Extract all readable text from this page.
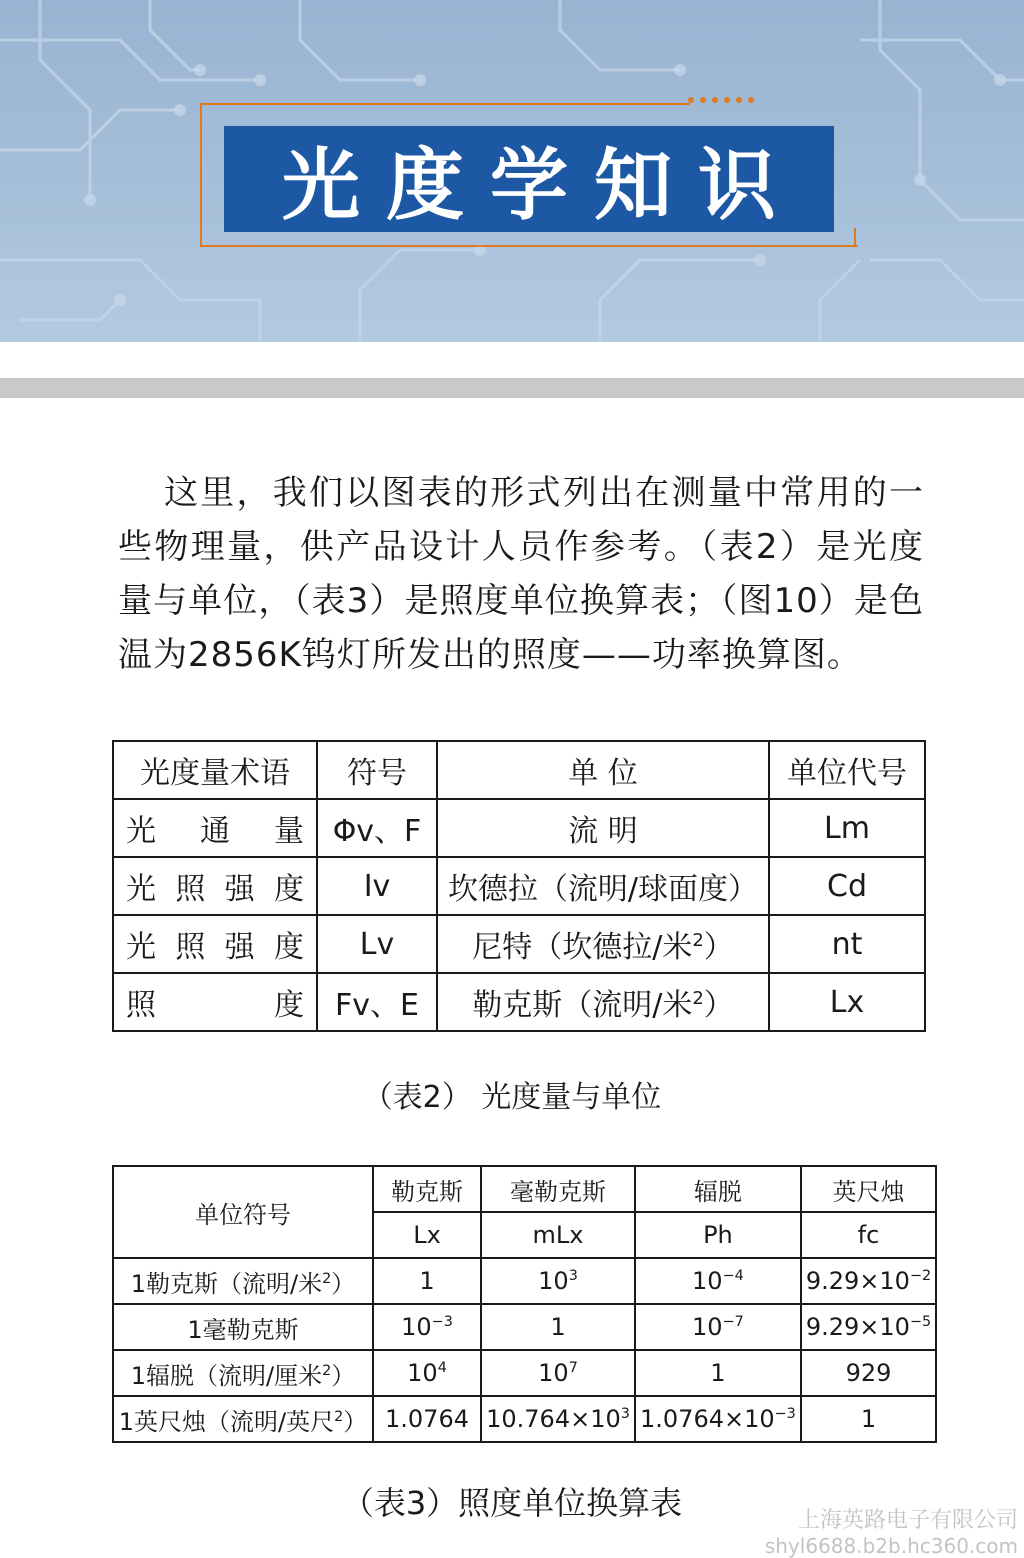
光度学知识

这里，我们以图表的形式列出在测量中常用的一些物理量，供产品设计人员作参考。（表2）是光度量与单位，（表3）是照度单位换算表；（图10）是色温为2856K钨灯所发出的照度——功率换算图。

光度量术语	符号	单 位	单位代号
光通量	Φv、F	流 明	Lm
光照强度	Iv	坎德拉（流明/球面度）	Cd
光照强度	Lv	尼特（坎德拉/米$^2$）	nt
照度	Fv、E	勒克斯（流明/米$^2$）	Lx
（表2） 光度量与单位
单位符号	勒克斯	毫勒克斯	辐脱	英尺烛
	Lx	mLx	Ph	fc
1勒克斯（流明/米$^2$）	1	$10^3$	$10^{-4}$	$9.29\times 10^{-2}$
1毫勒克斯	$10^{-3}$	1	$10^{-7}$	$9.29\times 10^{-5}$
1辐脱（流明/厘米$^2$）	$10^4$	$10^7$	1	929
1英尺烛（流明/英尺$^2$）	1.0764	$10.764\times 10^3$	$1.0764\times 10^{-3}$	1
（表3）照度单位换算表	上海英路电子有限公司
shyl6688.b2b.hc360.com
